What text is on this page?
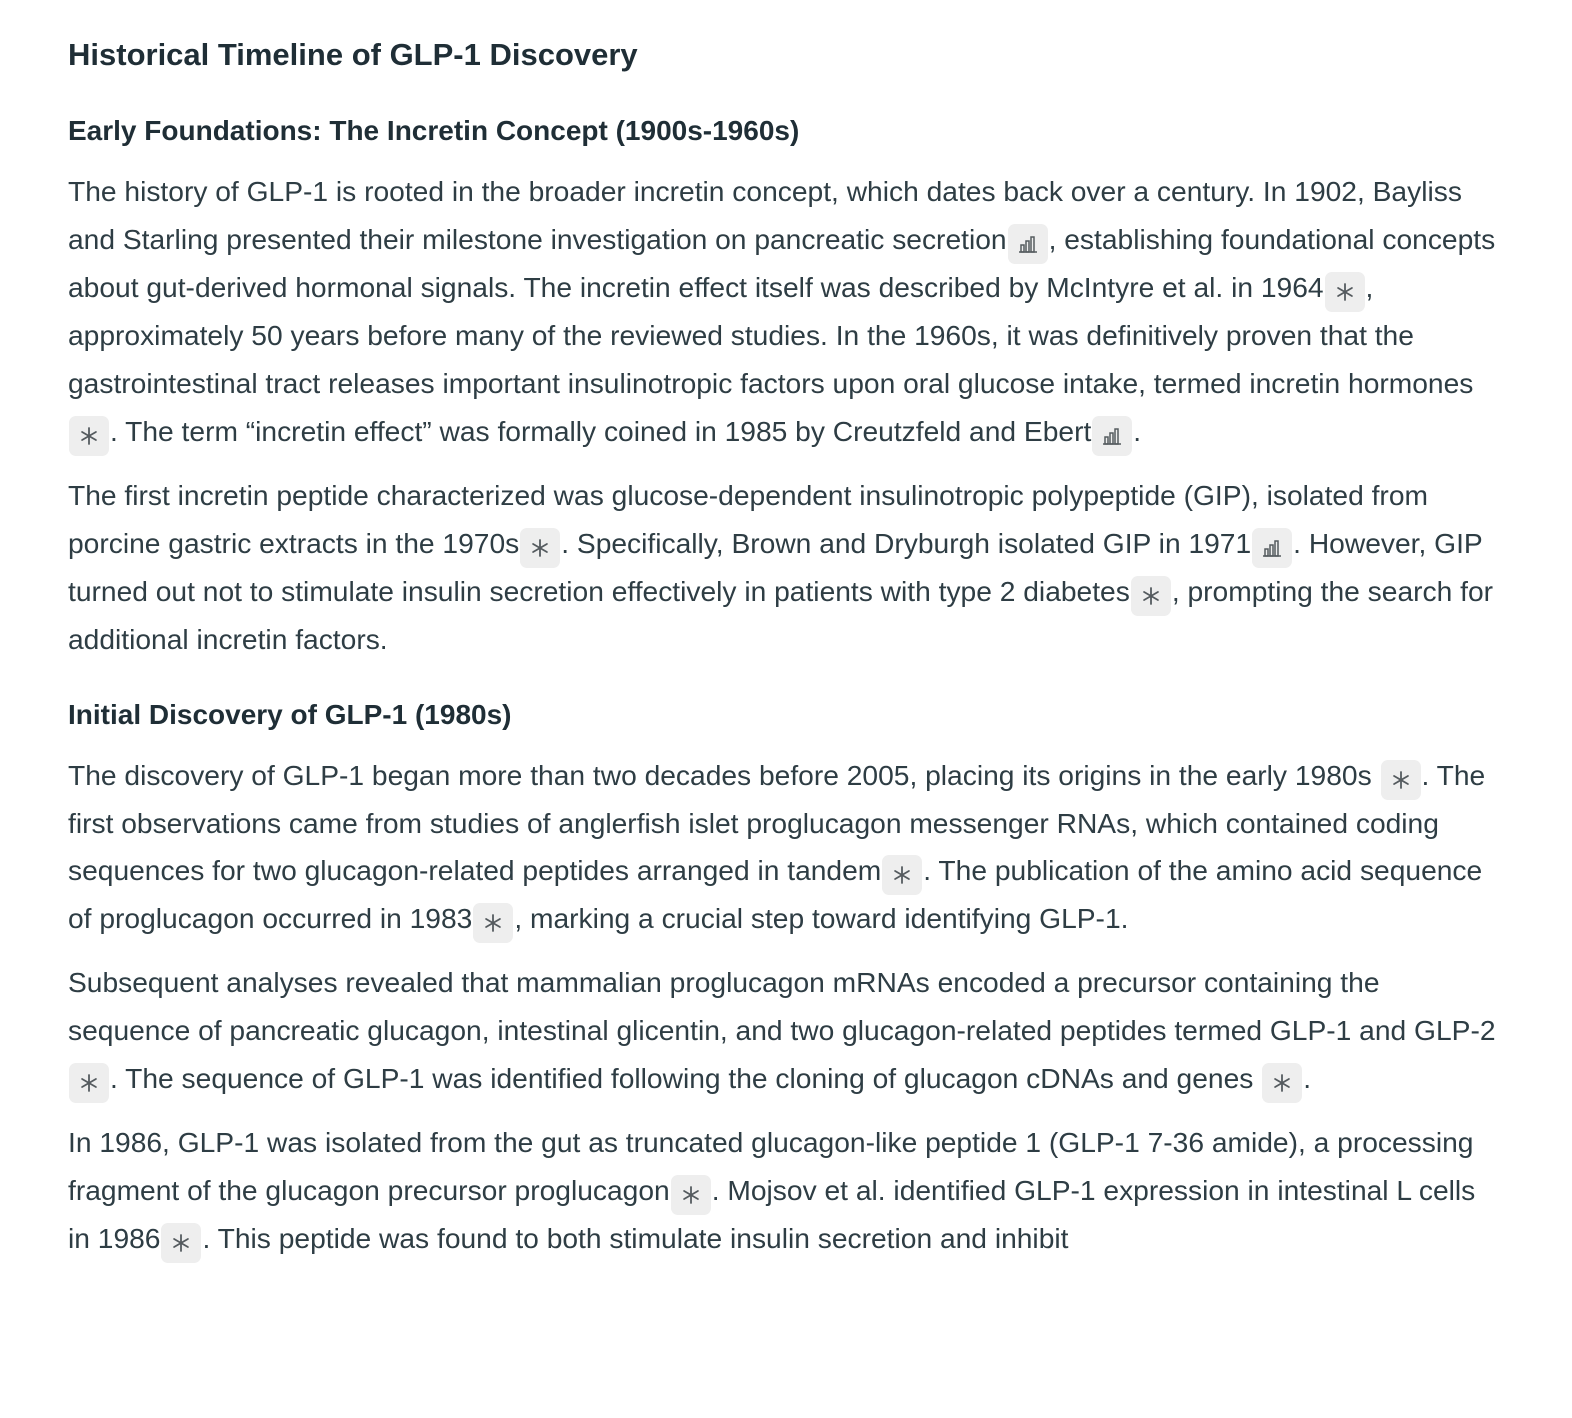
Historical Timeline of GLP-1 Discovery
Early Foundations: The Incretin Concept (1900s-1960s)

The history of GLP-1 is rooted in the broader incretin concept, which dates back over a century. In 1902, Bayliss and Starling presented their milestone investigation on pancreatic secretion , establishing foundational concepts about gut-derived hormonal signals. The incretin effect itself was described by McIntyre et al. in 1964 , approximately 50 years before many of the reviewed studies. In the 1960s, it was definitively proven that the gastrointestinal tract releases important insulinotropic factors upon oral glucose intake, termed incretin hormones
. The term “incretin effect” was formally coined in 1985 by Creutzfeld and Ebert .

The first incretin peptide characterized was glucose-dependent insulinotropic polypeptide (GIP), isolated from porcine gastric extracts in the 1970s . Specifically, Brown and Dryburgh isolated GIP in 1971 . However, GIP turned out not to stimulate insulin secretion effectively in patients with type 2 diabetes , prompting the search for additional incretin factors.

Initial Discovery of GLP-1 (1980s)

The discovery of GLP-1 began more than two decades before 2005, placing its origins in the early 1980s
. The first observations came from studies of anglerfish islet proglucagon messenger RNAs, which contained coding sequences for two glucagon-related peptides arranged in tandem . The publication of the amino acid sequence of proglucagon occurred in 1983 , marking a crucial step toward identifying GLP-1.

Subsequent analyses revealed that mammalian proglucagon mRNAs encoded a precursor containing the sequence of pancreatic glucagon, intestinal glicentin, and two glucagon-related peptides termed GLP-1 and GLP-2
. The sequence of GLP-1 was identified following the cloning of glucagon cDNAs and genes
.

In 1986, GLP-1 was isolated from the gut as truncated glucagon-like peptide 1 (GLP-1 7-36 amide), a processing fragment of the glucagon precursor proglucagon . Mojsov et al. identified GLP-1 expression in intestinal L cells in 1986 . This peptide was found to both stimulate insulin secretion and inhibit
